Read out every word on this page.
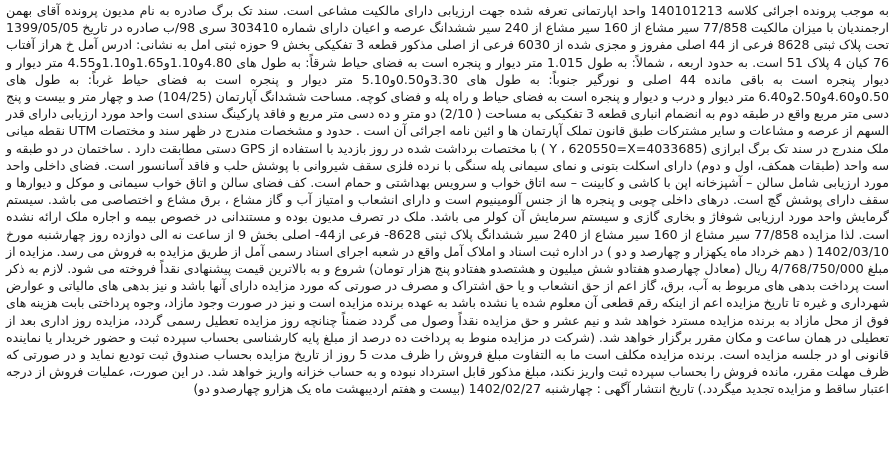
به موجب پرونده اجرائی کلاسه 140101213 واحد اپارتمانی تعرفه شده جهت ارزیابی دارای مالکیت مشاعی است. سند تک برگ صادره به نام مدیون پرونده آقای بهمن ارجمندیان با میزان مالکیت 77/858 سیر مشاع از 160 سیر مشاع از 240 سیر ششدانگ عرصه و اعیان دارای شماره 303410 سری 98/ب صادره در تاریخ 1399/05/05 تحت پلاک ثبتی 8628 فرعی از 44 اصلی مفروز و مجزی شده از 6030 فرعی از اصلی مذکور قطعه 3 تفکیکی بخش 9 حوزه ثبتی امل به نشانی: ادرس آمل خ هراز آفتاب 76 کیان 4 پلاک 51 است. به حدود اربعه ، شمالاً: به طول 1.015 متر دیوار و پنجره است به فضای حیاط شرقاً: به طول های 4.80و1.10و1.65و1.10و4.55 متر دیوار و دیوار پنجره است به باقی مانده 44 اصلی و نورگیر جنوباً: به طول های 3.30و0.50و5.10 متر دیوار و پنجره است به فضای حیاط غرباً: به طول های 0.50و4.60و2.50و6.40 متر دیوار و درب و دیوار و پنجره است به فضای حیاط و راه پله و فضای کوچه. مساحت ششدانگ آپارتمان (104/25) صد و چهار متر و بیست و پنج دسی متر مربع واقع در طبقه دوم به انضمام انباری قطعه 3 تفکیکی به مساحت ( 2/10) دو متر و ده دسی متر مربع و فاقد پارکینگ سندی است واحد مورد ارزیابی دارای قدر السهم از عرصه و مشاعات و سایر مشترکات طبق قانون تملک آپارتمان ها و ائین نامه اجرائی آن است . حدود و مشخصات مندرج در ظهر سند و مختصات UTM نقطه میانی ملک مندرج در سند تک برگ ابرازی (4033685=Y ، 620550=X ) با مختصات برداشت شده در روز بازدید با استفاده از GPS دستی مطابقت دارد . ساختمان در دو طبقه و سه واحد (طبقات همکف، اول و دوم) دارای اسکلت بتونی و نمای سیمانی پله سنگی با نرده فلزی سقف شیروانی با پوشش حلب و فاقد آسانسور است. فضای داخلی واحد مورد ارزیابی شامل سالن – آشپزخانه اپن با کاشی و کابینت – سه اتاق خواب و سرویس بهداشتی و حمام است. کف فضای سالن و اتاق خواب سیمانی و موکل و دیوارها و سقف دارای پوشش گچ است. درهای داخلی چوبی و پنجره ها از جنس آلومینیوم است و دارای انشعاب و امتیاز آب و گاز مشاع ، برق مشاع و اختصاصی می باشد. سیستم گرمایش واحد مورد ارزیابی شوفاژ و بخاری گازی و سیستم سرمایش آن کولر می باشد. ملک در تصرف مدیون بوده و مستندانی در خصوص بیمه و اجاره ملک ارائه نشده است. لذا مزایده 77/858 سیر مشاع از 160 سیر مشاع از 240 سیر ششدانگ پلاک ثبتی 8628- فرعی از44- اصلی بخش 9 از ساعت نه الی دوازده روز چهارشنبه مورخ 1402/03/10 ( دهم خرداد ماه یکهزار و چهارصد و دو ) در اداره ثبت اسناد و املاک آمل واقع در شعبه اجرای اسناد رسمی آمل از طریق مزایده به فروش می رسد. مزایده از مبلغ 4/768/750/000 ریال (معادل چهارصدو هفتادو شش میلیون و هشتصدو هفتادو پنج هزار تومان) شروع و به بالاترین قیمت پیشنهادی نقداً فروخته می شود. لازم به ذکر است پرداخت بدهی های مربوط به آب، برق، گاز اعم از حق انشعاب و یا حق اشتراک و مصرف در صورتی که مورد مزایده دارای آنها باشد و نیز بدهی های مالیاتی و عوارض شهرداری و غیره تا تاریخ مزایده اعم از اینکه رقم قطعی آن معلوم شده یا نشده باشد به عهده برنده مزایده است و نیز در صورت وجود مازاد، وجوه پرداختی بابت هزینه های فوق از محل مازاد به برنده مزایده مسترد خواهد شد و نیم عشر و حق مزایده نقداً وصول می گردد ضمناً چنانچه روز مزایده تعطیل رسمی گردد، مزایده روز اداری بعد از تعطیلی در همان ساعت و مکان مقرر برگزار خواهد شد. (شرکت در مزایده منوط به پرداخت ده درصد از مبلغ پایه کارشناسی بحساب سپرده ثبت و حضور خریدار یا نماینده قانونی او در جلسه مزایده است. برنده مزایده مکلف است ما به التفاوت مبلغ فروش را ظرف مدت 5 روز از تاریخ مزایده بحساب صندوق ثبت تودیع نماید و در صورتی که ظرف مهلت مقرر، مانده فروش را بحساب سپرده ثبت واریز نکند، مبلغ مذکور قابل استرداد نبوده و به حساب خزانه واریز خواهد شد. در این صورت، عملیات فروش از درجه اعتبار ساقط و مزایده تجدید میگردد.) تاریخ انتشار آگهی : چهارشنبه 1402/02/27 (بیست و هفتم اردیبهشت ماه یک هزارو چهارصدو دو)
